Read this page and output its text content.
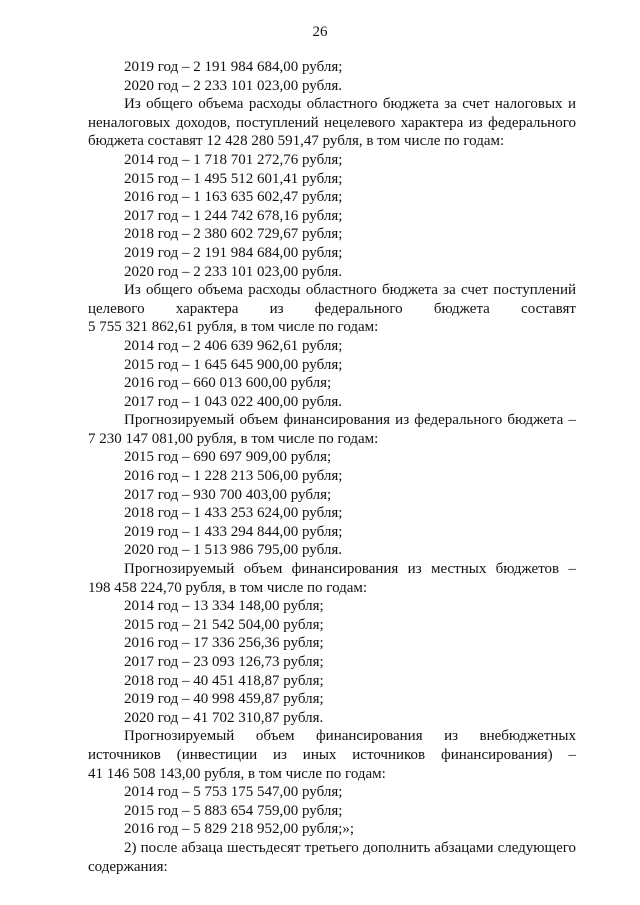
26

2019 год – 2 191 984 684,00 рубля;

2020 год – 2 233 101 023,00 рубля.

Из общего объема расходы областного бюджета за счет налоговых и

неналоговых доходов, поступлений нецелевого характера из федерального

бюджета составят 12 428 280 591,47 рубля, в том числе по годам:

2014 год – 1 718 701 272,76 рубля;

2015 год – 1 495 512 601,41 рубля;

2016 год – 1 163 635 602,47 рубля;

2017 год – 1 244 742 678,16 рубля;

2018 год – 2 380 602 729,67 рубля;

2019 год – 2 191 984 684,00 рубля;

2020 год – 2 233 101 023,00 рубля.

Из общего объема расходы областного бюджета за счет поступлений

целевого характера из федерального бюджета составят

5 755 321 862,61 рубля, в том числе по годам:

2014 год – 2 406 639 962,61 рубля;

2015 год – 1 645 645 900,00 рубля;

2016 год – 660 013 600,00 рубля;

2017 год – 1 043 022 400,00 рубля.

Прогнозируемый объем финансирования из федерального бюджета –

7 230 147 081,00 рубля, в том числе по годам:

2015 год – 690 697 909,00 рубля;

2016 год – 1 228 213 506,00 рубля;

2017 год – 930 700 403,00 рубля;

2018 год – 1 433 253 624,00 рубля;

2019 год – 1 433 294 844,00 рубля;

2020 год – 1 513 986 795,00 рубля.

Прогнозируемый объем финансирования из местных бюджетов –

198 458 224,70 рубля, в том числе по годам:

2014 год – 13 334 148,00 рубля;

2015 год – 21 542 504,00 рубля;

2016 год – 17 336 256,36 рубля;

2017 год – 23 093 126,73 рубля;

2018 год – 40 451 418,87 рубля;

2019 год – 40 998 459,87 рубля;

2020 год – 41 702 310,87 рубля.

Прогнозируемый объем финансирования из внебюджетных

источников (инвестиции из иных источников финансирования) –

41 146 508 143,00 рубля, в том числе по годам:

2014 год – 5 753 175 547,00 рубля;

2015 год – 5 883 654 759,00 рубля;

2016 год – 5 829 218 952,00 рубля;»;

2) после абзаца шестьдесят третьего дополнить абзацами следующего

содержания:
